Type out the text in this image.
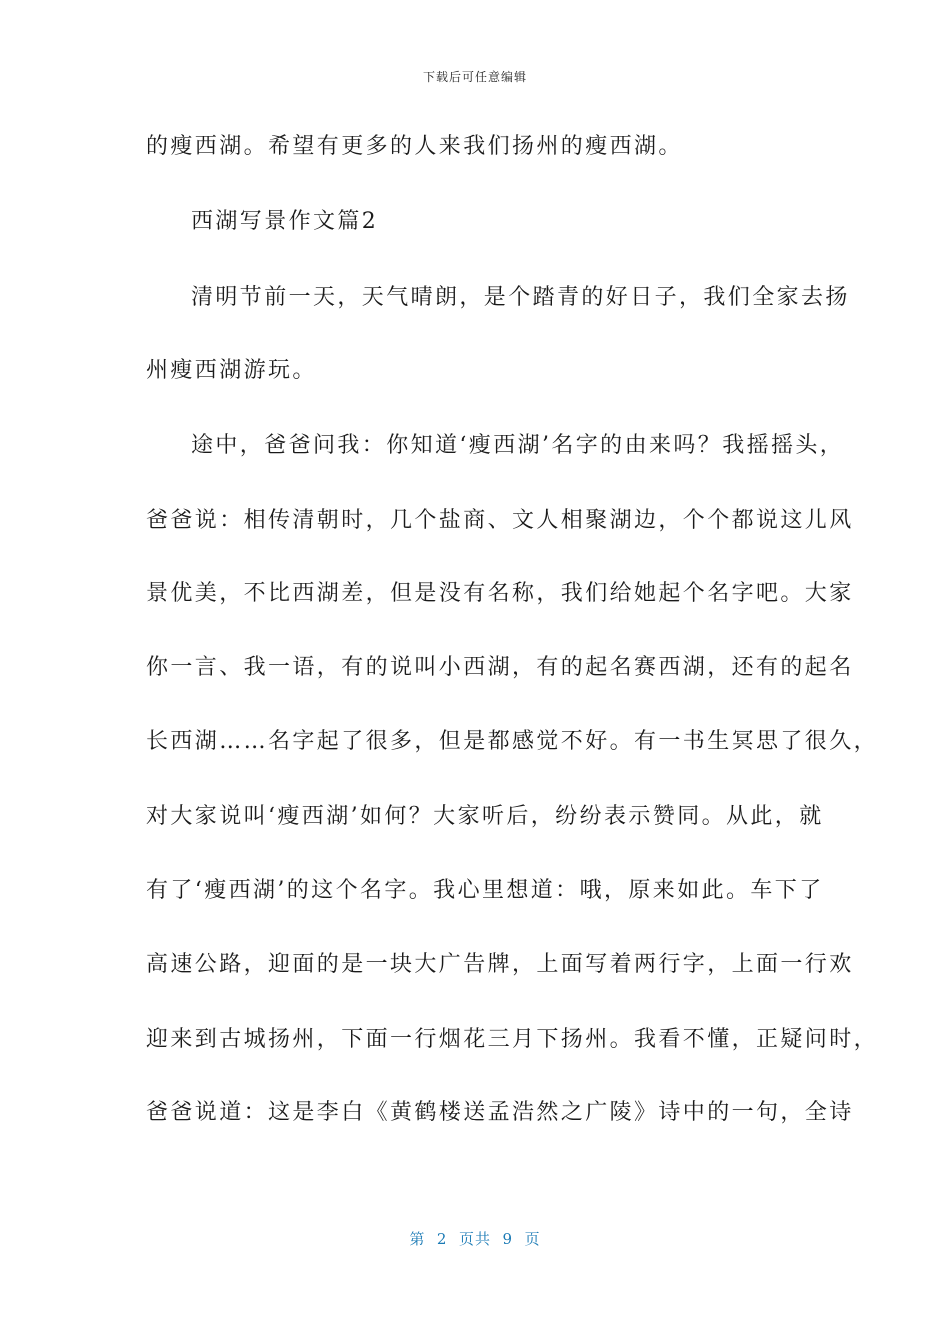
下载后可任意编辑
的瘦西湖。希望有更多的人来我们扬州的瘦西湖。
西湖写景作文篇2
清明节前一天，天气晴朗，是个踏青的好日子，我们全家去扬
州瘦西湖游玩。
途中，爸爸问我：你知道‘瘦西湖’名字的由来吗？我摇摇头，
爸爸说：相传清朝时，几个盐商、文人相聚湖边，个个都说这儿风
景优美，不比西湖差，但是没有名称，我们给她起个名字吧。大家
你一言、我一语，有的说叫小西湖，有的起名赛西湖，还有的起名
长西湖……名字起了很多，但是都感觉不好。有一书生冥思了很久，
对大家说叫‘瘦西湖’如何？大家听后，纷纷表示赞同。从此，就
有了‘瘦西湖’的这个名字。我心里想道：哦，原来如此。车下了
高速公路，迎面的是一块大广告牌，上面写着两行字，上面一行欢
迎来到古城扬州，下面一行烟花三月下扬州。我看不懂，正疑问时，
爸爸说道：这是李白《黄鹤楼送孟浩然之广陵》诗中的一句，全诗
第  2  页共  9  页
